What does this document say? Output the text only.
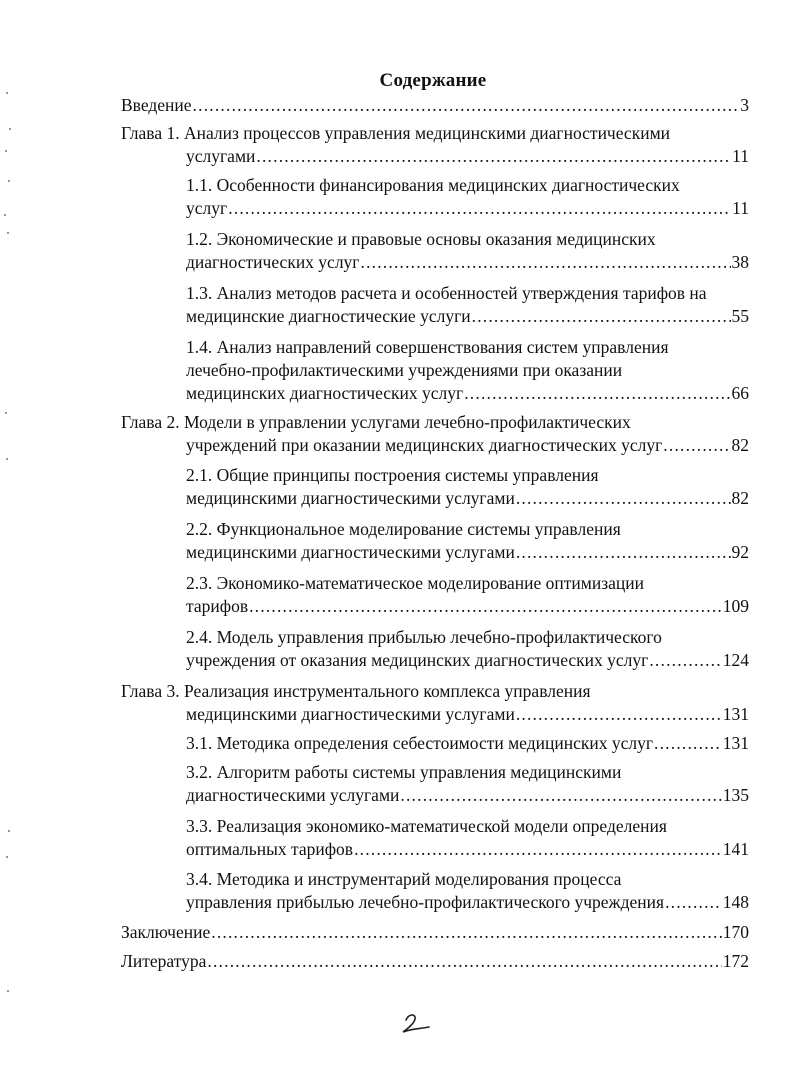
Содержание
Введение .....	3
Глава 1. Анализ процессов управления медицинскими диагностическими
услугами .....	11
1.1. Особенности финансирования медицинских диагностических
услуг .....	11
1.2. Экономические и правовые основы оказания медицинских
диагностических услуг .....	38
1.3. Анализ методов расчета и особенностей утверждения тарифов на
медицинские диагностические услуги .....	55
1.4. Анализ направлений совершенствования систем управления
лечебно-профилактическими учреждениями при оказании
медицинских диагностических услуг .....	66
Глава 2. Модели в управлении услугами лечебно-профилактических
учреждений при оказании медицинских диагностических услуг .....	82
2.1. Общие принципы построения системы управления
медицинскими диагностическими услугами .....	82
2.2. Функциональное моделирование системы управления
медицинскими диагностическими услугами .....	92
2.3. Экономико-математическое моделирование оптимизации
тарифов .....	109
2.4. Модель управления прибылью лечебно-профилактического
учреждения от оказания медицинских диагностических услуг .....	124
Глава 3. Реализация инструментального комплекса управления
медицинскими диагностическими услугами .....	131
3.1. Методика определения себестоимости медицинских услуг .....	131
3.2. Алгоритм работы системы управления медицинскими
диагностическими услугами .....	135
3.3. Реализация экономико-математической модели определения
оптимальных тарифов .....	141
3.4. Методика и инструментарий моделирования процесса
управления прибылью лечебно-профилактического учреждения .....	148
Заключение .....	170
Литература .....	172
